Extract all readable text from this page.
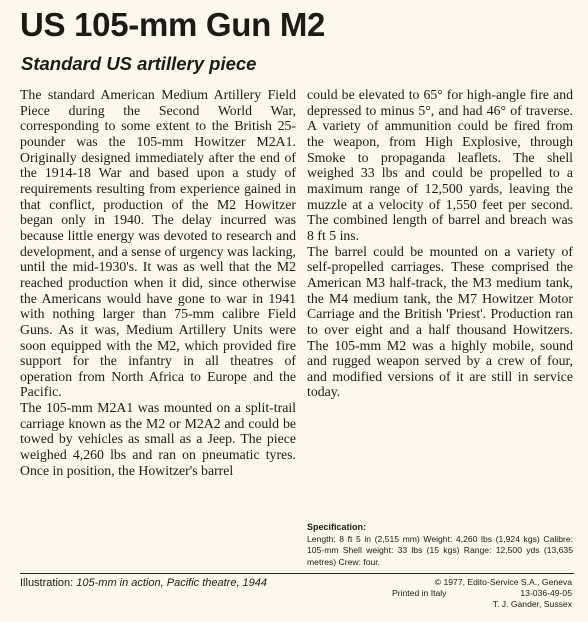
US 105-mm Gun M2
Standard US artillery piece

The standard American Medium Artillery Field Piece during the Second World War, corresponding to some extent to the British 25-pounder was the 105-mm Howitzer M2A1. Originally designed immediately after the end of the 1914-18 War and based upon a study of requirements resulting from experience gained in that conflict, production of the M2 Howitzer began only in 1940. The delay incurred was because little energy was devoted to research and development, and a sense of urgency was lacking, until the mid-1930's. It was as well that the M2 reached production when it did, since otherwise the Americans would have gone to war in 1941 with nothing larger than 75-mm calibre Field Guns. As it was, Medium Artillery Units were soon equipped with the M2, which provided fire support for the infantry in all theatres of operation from North Africa to Europe and the Pacific.

The 105-mm M2A1 was mounted on a split-trail carriage known as the M2 or M2A2 and could be towed by vehicles as small as a Jeep. The piece weighed 4,260 lbs and ran on pneumatic tyres. Once in position, the Howitzer's barrel

could be elevated to 65° for high-angle fire and depressed to minus 5°, and had 46° of traverse. A variety of ammunition could be fired from the weapon, from High Explosive, through Smoke to propaganda leaflets. The shell weighed 33 lbs and could be propelled to a maximum range of 12,500 yards, leaving the muzzle at a velocity of 1,550 feet per second. The combined length of barrel and breach was 8 ft 5 ins.

The barrel could be mounted on a variety of self-propelled carriages. These comprised the American M3 half-track, the M3 medium tank, the M4 medium tank, the M7 Howitzer Motor Carriage and the British 'Priest'. Production ran to over eight and a half thousand Howitzers. The 105-mm M2 was a highly mobile, sound and rugged weapon served by a crew of four, and modified versions of it are still in service today.

Specification:
Length: 8 ft 5 in (2,515 mm) Weight: 4,260 lbs (1,924 kgs) Calibre: 105-mm Shell weight: 33 lbs (15 kgs) Range: 12,500 yds (13,635 metres) Crew: four.
Illustration: 105-mm in action, Pacific theatre, 1944	© 1977, Edito-Service S.A., Geneva
Printed in Italy	13-036-49-05
T. J. Gander, Sussex
